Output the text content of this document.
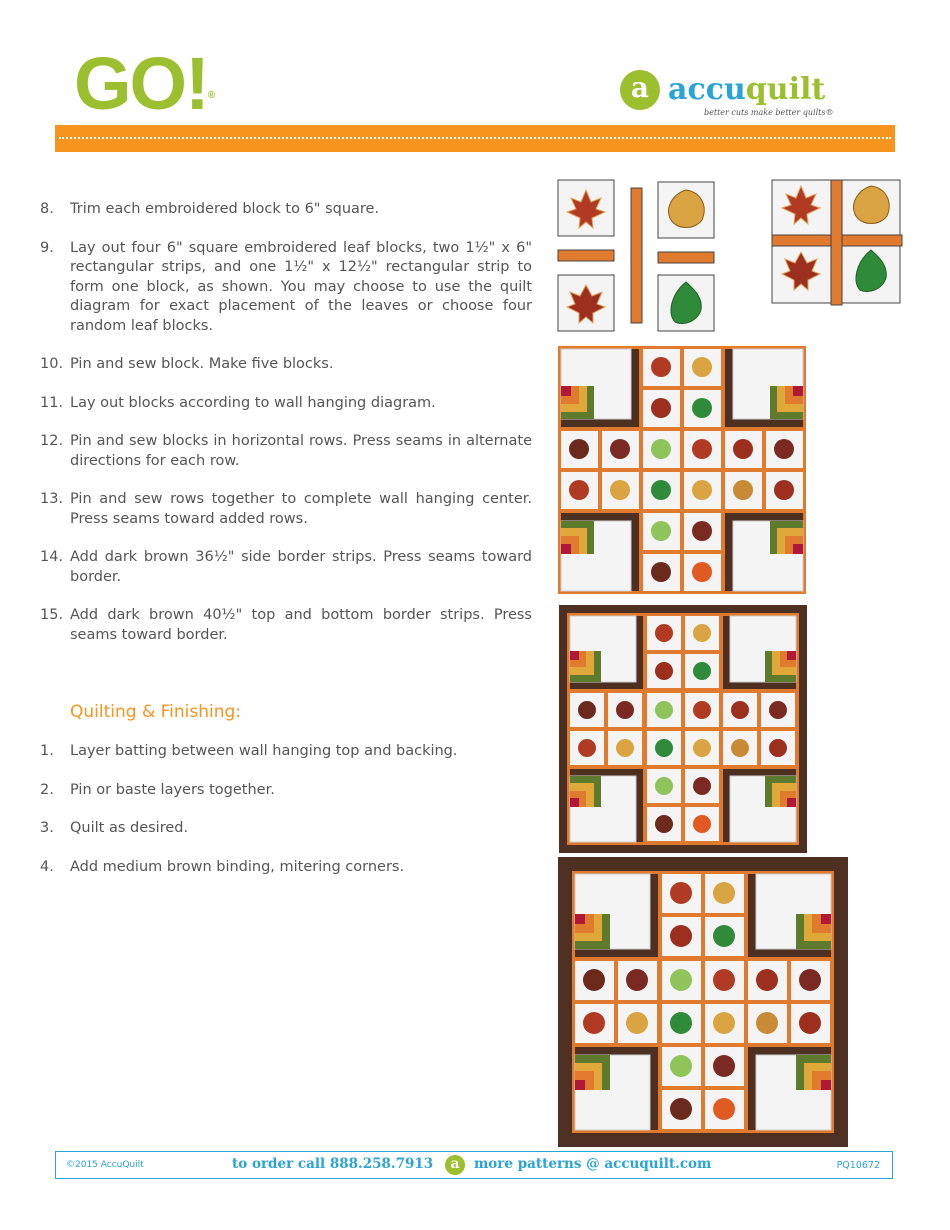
GO!®	a accuquilt
better cuts make better quilts®
8. Trim each embroidered block to 6" square.
9. Lay out four 6" square embroidered leaf blocks, two 1½" x 6" rectangular strips, and one 1½" x 12½" rectangular strip to form one block, as shown. You may choose to use the quilt diagram for exact placement of the leaves or choose four random leaf blocks.
10. Pin and sew block. Make five blocks.
11. Lay out blocks according to wall hanging diagram.
12. Pin and sew blocks in horizontal rows. Press seams in alternate directions for each row.
13. Pin and sew rows together to complete wall hanging center. Press seams toward added rows.
14. Add dark brown 36½" side border strips. Press seams toward border.
15. Add dark brown 40½" top and bottom border strips. Press seams toward border.
Quilting & Finishing:
1. Layer batting between wall hanging top and backing.
2. Pin or baste layers together.
3. Quilt as desired.
4. Add medium brown binding, mitering corners.
©2015 AccuQuilt	to order call 888.258.7913	a	more patterns @ accuquilt.com	PQ10672
